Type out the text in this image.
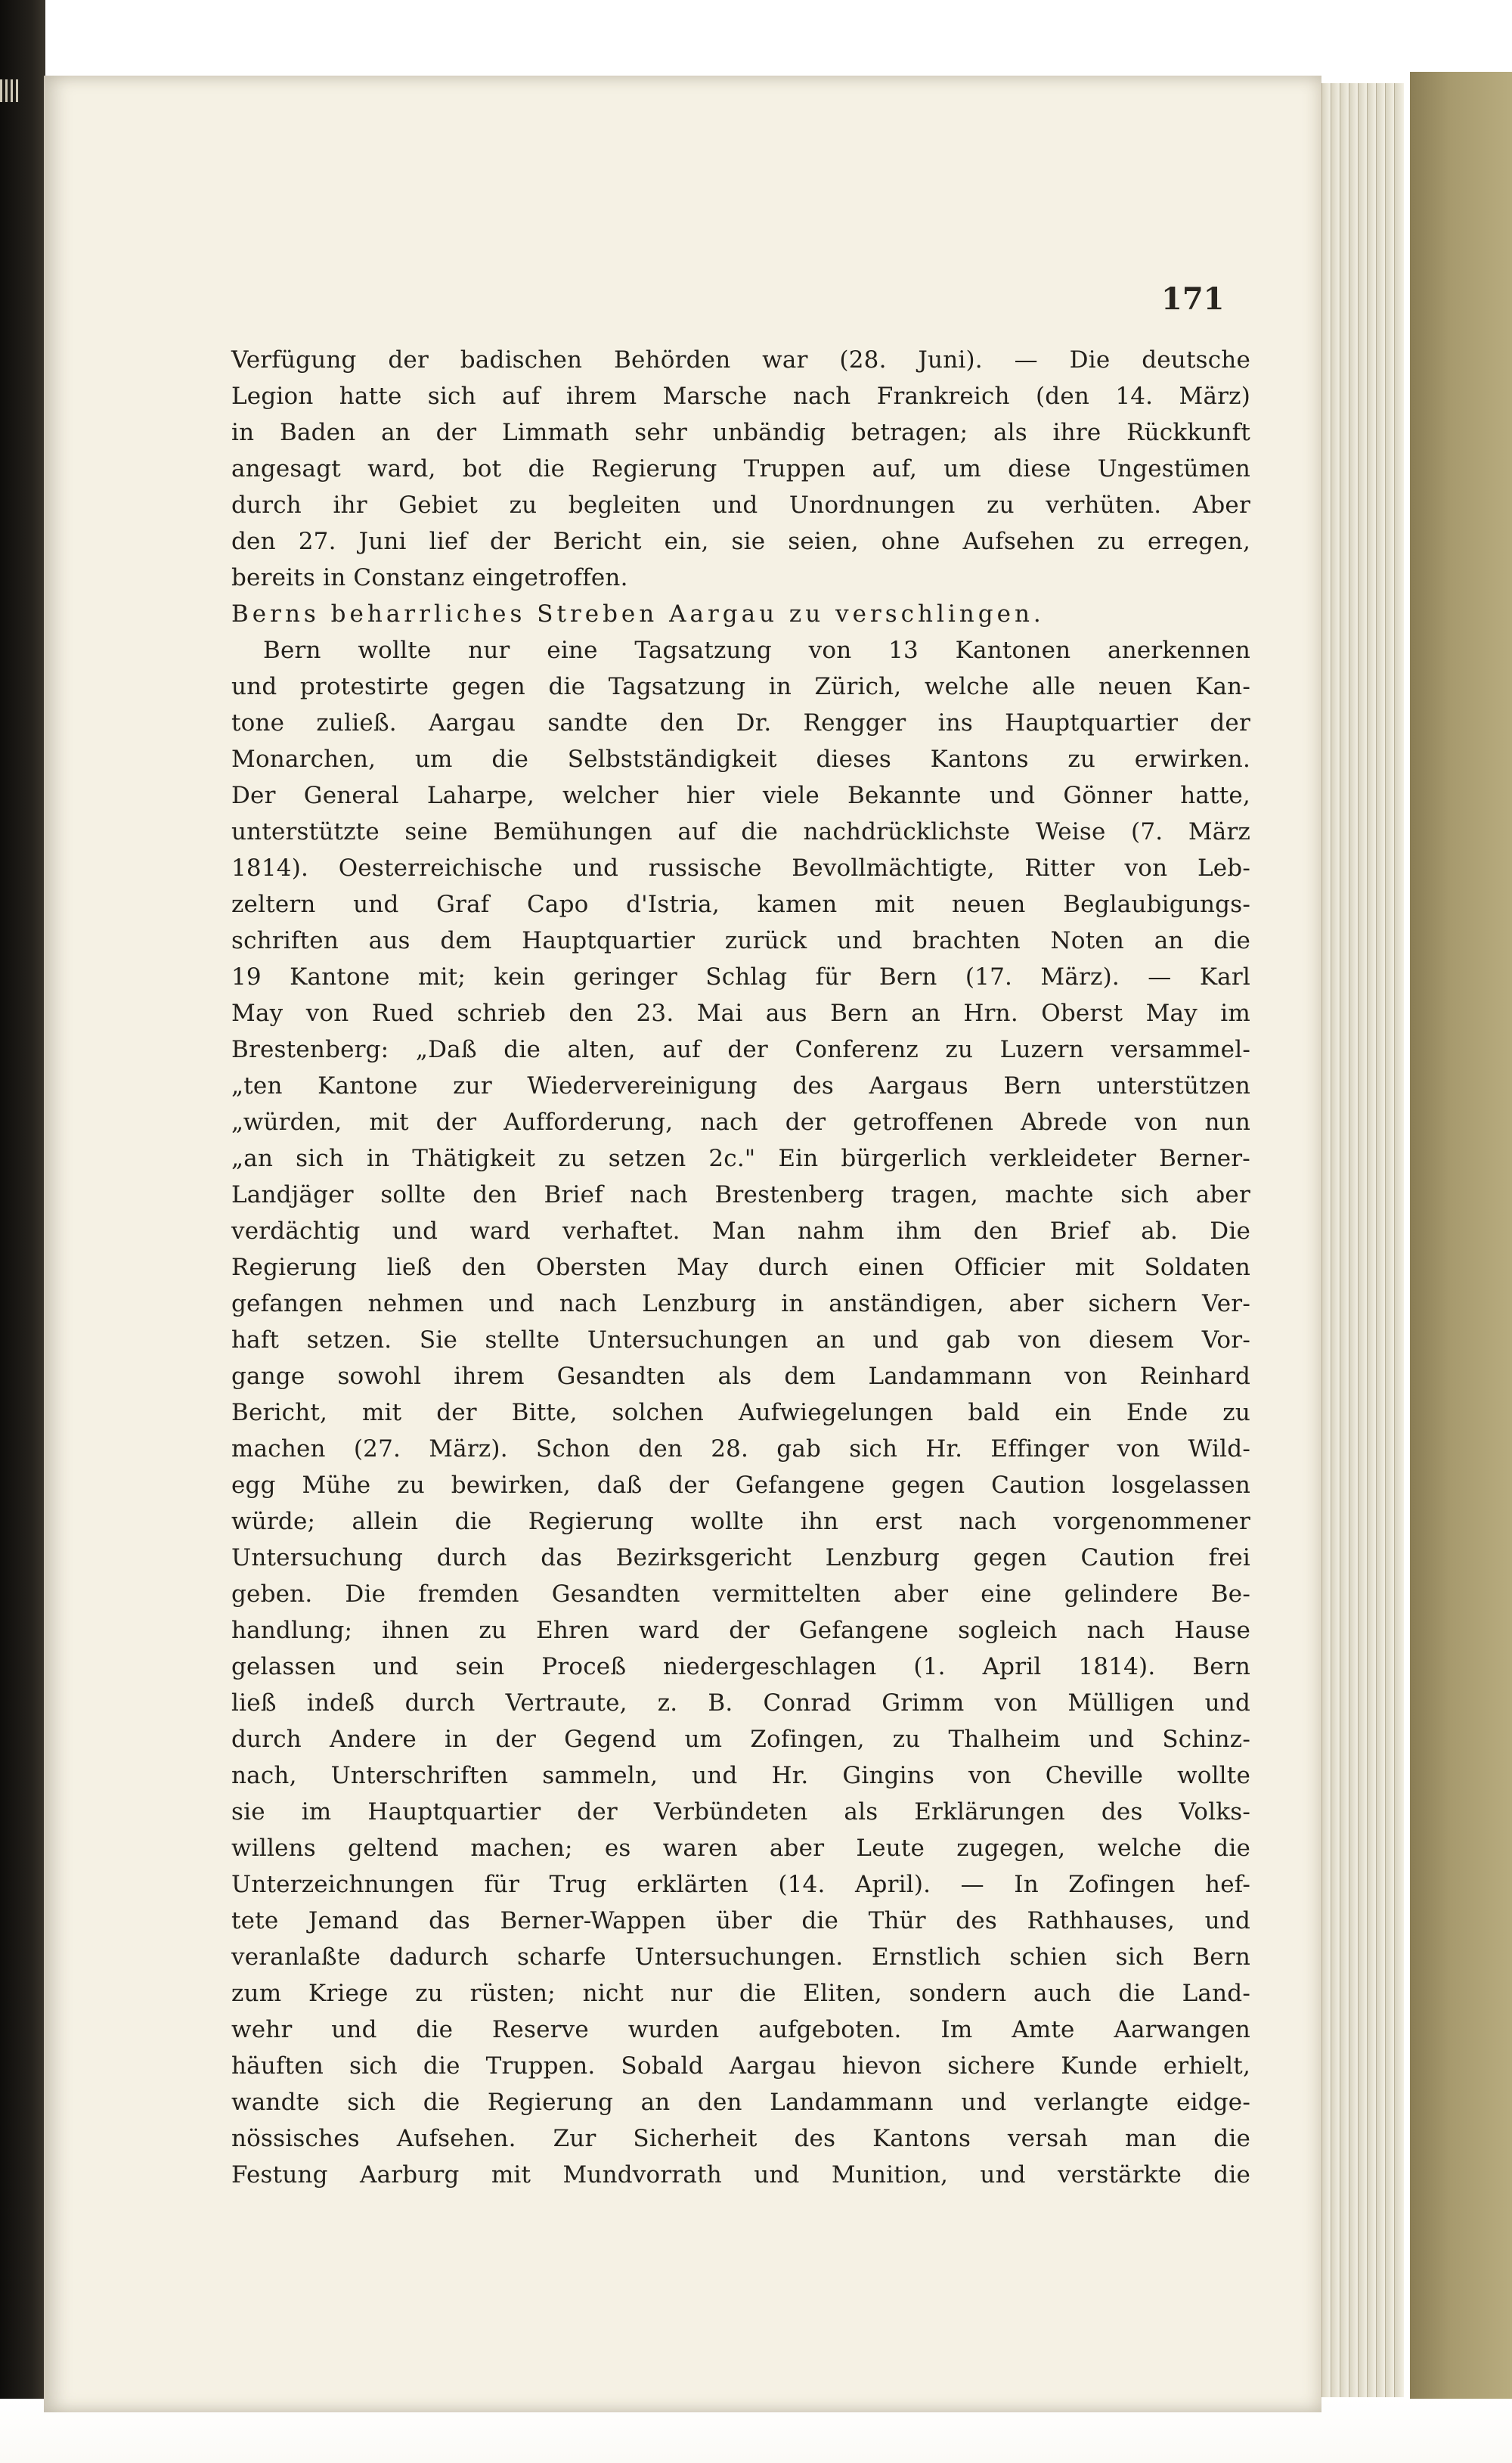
171
Verfügung der badischen Behörden war (28. Juni). — Die deutsche
Legion hatte sich auf ihrem Marsche nach Frankreich (den 14. März)
in Baden an der Limmath sehr unbändig betragen; als ihre Rückkunft
angesagt ward, bot die Regierung Truppen auf, um diese Ungestümen
durch ihr Gebiet zu begleiten und Unordnungen zu verhüten. Aber
den 27. Juni lief der Bericht ein, sie seien, ohne Aufsehen zu erregen,
bereits in Constanz eingetroffen.
Berns beharrliches Streben Aargau zu verschlingen.
Bern wollte nur eine Tagsatzung von 13 Kantonen anerkennen
und protestirte gegen die Tagsatzung in Zürich, welche alle neuen Kan-
tone zuließ. Aargau sandte den Dr. Rengger ins Hauptquartier der
Monarchen, um die Selbstständigkeit dieses Kantons zu erwirken.
Der General Laharpe, welcher hier viele Bekannte und Gönner hatte,
unterstützte seine Bemühungen auf die nachdrücklichste Weise (7. März
1814). Oesterreichische und russische Bevollmächtigte, Ritter von Leb-
zeltern und Graf Capo d'Istria, kamen mit neuen Beglaubigungs-
schriften aus dem Hauptquartier zurück und brachten Noten an die
19 Kantone mit; kein geringer Schlag für Bern (17. März). — Karl
May von Rued schrieb den 23. Mai aus Bern an Hrn. Oberst May im
Brestenberg: „Daß die alten, auf der Conferenz zu Luzern versammel-
„ten Kantone zur Wiedervereinigung des Aargaus Bern unterstützen
„würden, mit der Aufforderung, nach der getroffenen Abrede von nun
„an sich in Thätigkeit zu setzen 2c." Ein bürgerlich verkleideter Berner-
Landjäger sollte den Brief nach Brestenberg tragen, machte sich aber
verdächtig und ward verhaftet. Man nahm ihm den Brief ab. Die
Regierung ließ den Obersten May durch einen Officier mit Soldaten
gefangen nehmen und nach Lenzburg in anständigen, aber sichern Ver-
haft setzen. Sie stellte Untersuchungen an und gab von diesem Vor-
gange sowohl ihrem Gesandten als dem Landammann von Reinhard
Bericht, mit der Bitte, solchen Aufwiegelungen bald ein Ende zu
machen (27. März). Schon den 28. gab sich Hr. Effinger von Wild-
egg Mühe zu bewirken, daß der Gefangene gegen Caution losgelassen
würde; allein die Regierung wollte ihn erst nach vorgenommener
Untersuchung durch das Bezirksgericht Lenzburg gegen Caution frei
geben. Die fremden Gesandten vermittelten aber eine gelindere Be-
handlung; ihnen zu Ehren ward der Gefangene sogleich nach Hause
gelassen und sein Proceß niedergeschlagen (1. April 1814). Bern
ließ indeß durch Vertraute, z. B. Conrad Grimm von Mülligen und
durch Andere in der Gegend um Zofingen, zu Thalheim und Schinz-
nach, Unterschriften sammeln, und Hr. Gingins von Cheville wollte
sie im Hauptquartier der Verbündeten als Erklärungen des Volks-
willens geltend machen; es waren aber Leute zugegen, welche die
Unterzeichnungen für Trug erklärten (14. April). — In Zofingen hef-
tete Jemand das Berner-Wappen über die Thür des Rathhauses, und
veranlaßte dadurch scharfe Untersuchungen. Ernstlich schien sich Bern
zum Kriege zu rüsten; nicht nur die Eliten, sondern auch die Land-
wehr und die Reserve wurden aufgeboten. Im Amte Aarwangen
häuften sich die Truppen. Sobald Aargau hievon sichere Kunde erhielt,
wandte sich die Regierung an den Landammann und verlangte eidge-
nössisches Aufsehen. Zur Sicherheit des Kantons versah man die
Festung Aarburg mit Mundvorrath und Munition, und verstärkte die
